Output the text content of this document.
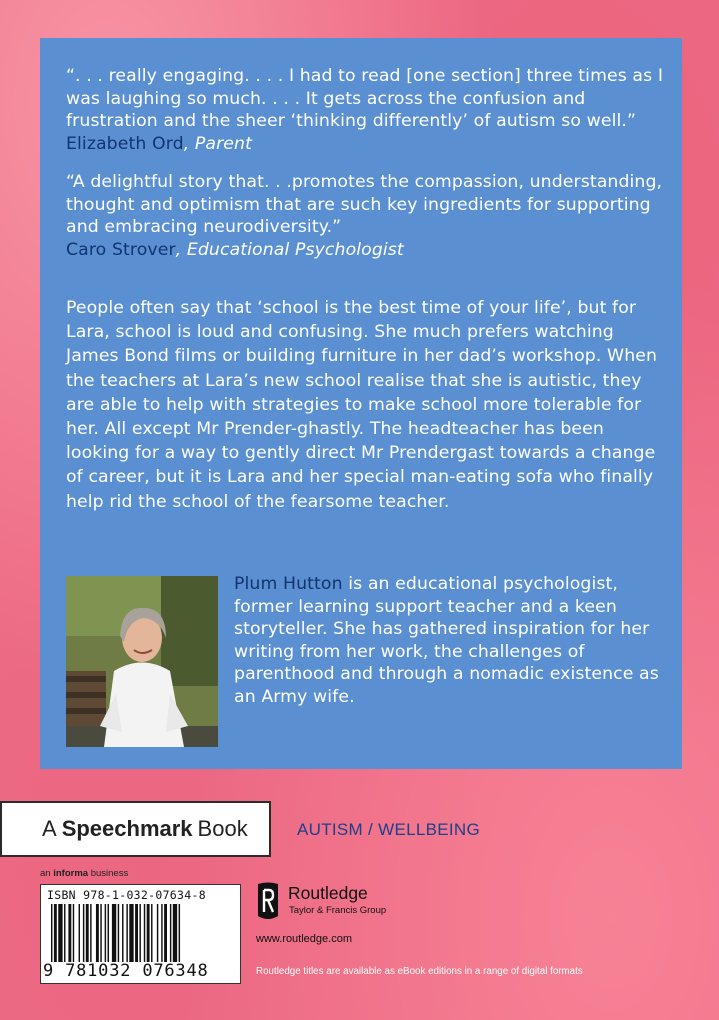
“. . . really engaging. . . . I had to read [one section] three times as I was laughing so much. . . . It gets across the confusion and frustration and the sheer ‘thinking differently’ of autism so well.”
Elizabeth Ord, Parent
“A delightful story that. . .promotes the compassion, understanding, thought and optimism that are such key ingredients for supporting and embracing neurodiversity.”
Caro Strover, Educational Psychologist
People often say that ‘school is the best time of your life’, but for Lara, school is loud and confusing. She much prefers watching James Bond films or building furniture in her dad’s workshop. When the teachers at Lara’s new school realise that she is autistic, they are able to help with strategies to make school more tolerable for her. All except Mr Prender-ghastly. The headteacher has been looking for a way to gently direct Mr Prendergast towards a change of career, but it is Lara and her special man-eating sofa who finally help rid the school of the fearsome teacher.
Plum Hutton is an educational psychologist, former learning support teacher and a keen storyteller. She has gathered inspiration for her writing from her work, the challenges of parenthood and through a nomadic existence as an Army wife.
A Speechmark Book	AUTISM / WELLBEING
an informa business
ISBN 978-1-032-07634-8
9 781032 076348
Routledge
Taylor & Francis Group
www.routledge.com
Routledge titles are available as eBook editions in a range of digital formats
